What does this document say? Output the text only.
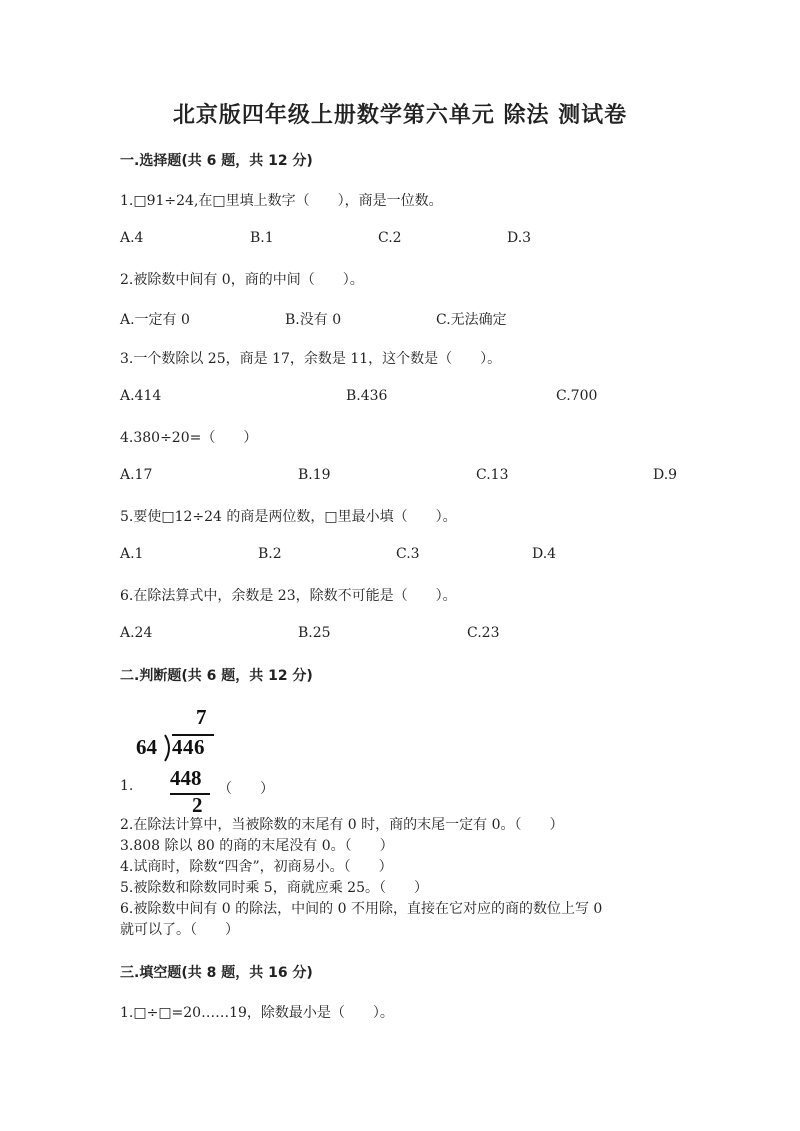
北京版四年级上册数学第六单元 除法 测试卷
一.选择题(共 6 题，共 12 分)
1.□91÷24,在□里填上数字（　　），商是一位数。
A.4	B.1	C.2	D.3
2.被除数中间有 0，商的中间（　　）。
A.一定有 0	B.没有 0	C.无法确定
3.一个数除以 25，商是 17，余数是 11，这个数是（　　）。
A.414	B.436	C.700
4.380÷20=（　　）
A.17	B.19	C.13	D.9
5.要使□12÷24 的商是两位数，□里最小填（　　）。
A.1	B.2	C.3	D.4
6.在除法算式中，余数是 23，除数不可能是（　　）。
A.24	B.25	C.23
二.判断题(共 6 题，共 12 分)
7
64 446
448
2
1.	（　　）
2.在除法计算中，当被除数的末尾有 0 时，商的末尾一定有 0。（　　）
3.808 除以 80 的商的末尾没有 0。（　　）
4.试商时，除数“四舍”，初商易小。（　　）
5.被除数和除数同时乘 5，商就应乘 25。（　　）
6.被除数中间有 0 的除法，中间的 0 不用除，直接在它对应的商的数位上写 0
就可以了。（　　）
三.填空题(共 8 题，共 16 分)
1.□÷□=20……19，除数最小是（　　）。
